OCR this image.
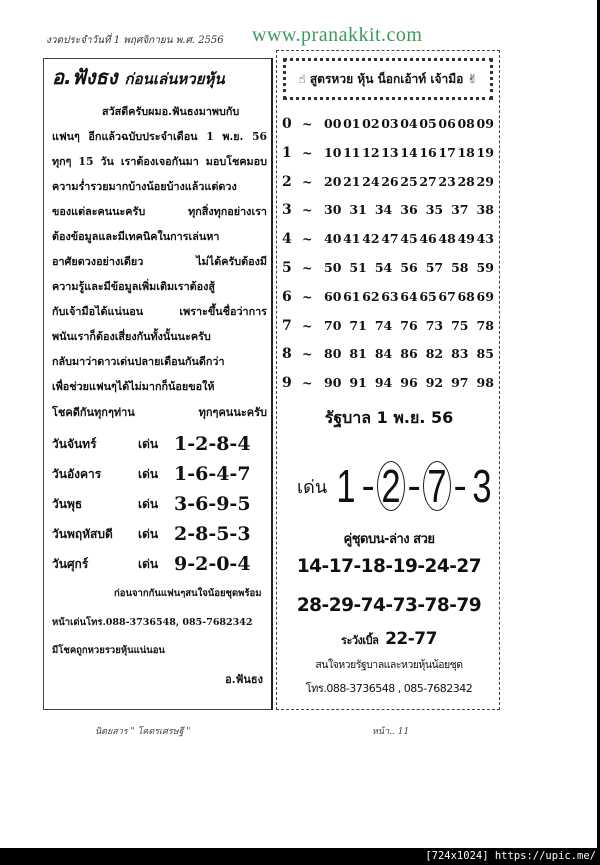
งวดประจำวันที่ 1 พฤศจิกายน พ.ศ. 2556 www.pranakkit.com
อ.ฟังธง ก่อนเล่นหวยหุ้น
สวัสดีครับผมอ.ฟันธงมาพบกับ
แฟนๆ อีกแล้วฉบับประจำเดือน 1 พ.ย. 56
ทุกๆ 15 วัน เราต้องเจอกันมา มอบโชคมอบ
ความร่ำรวยมากบ้างน้อยบ้างแล้วแต่ดวง
ของแต่ละคนนะครับ ทุกสิ่งทุกอย่างเรา
ต้องข้อมูลและมีเทคนิคในการเล่นหา
อาศัยดวงอย่างเดียว ไม่ได้ครับต้องมี
ความรู้และมีข้อมูลเพิ่มเติมเราต้องสู้
กับเจ้ามือได้แน่นอน เพราะขึ้นชื่อว่าการ
พนันเราก็ต้องเสี่ยงกันทั้งนั้นนะครับ
กลับมาว่าดาวเด่นปลายเดือนกันดีกว่า
เพื่อช่วยแฟนๆได้ไม่มากก็น้อยขอให้
โชคดีกันทุกๆท่าน	ทุกๆคนนะครับ
วันจันทร์	เด่น 1-2-8-4
วันอังคาร	เด่น 1-6-4-7
วันพุธ	เด่น 3-6-9-5
วันพฤหัสบดี	เด่น 2-8-5-3
วันศุกร์	เด่น 9-2-0-4
ก่อนจากกันแฟนๆสนใจน้อยชุดพร้อม
หน้าเด่นโทร.088-3736548, 085-7682342
มีโชคถูกหวยรวยหุ้นแน่นอน
อ.ฟันธง
☝ สูตรหวย หุ้น น็อกเอ้าท์ เจ้ามือ ✌
0 ~ 00 01 02 03 04 05 06 08 09
1 ~ 10 11 12 13 14 16 17 18 19
2 ~ 20 21 24 26 25 27 23 28 29
3 ~ 30 31 34 36 35 37 38
4 ~ 40 41 42 47 45 46 48 49 43
5 ~ 50 51 54 56 57 58 59
6 ~ 60 61 62 63 64 65 67 68 69
7 ~ 70 71 74 76 73 75 78
8 ~ 80 81 84 86 82 83 85
9 ~ 90 91 94 96 92 97 98
รัฐบาล 1 พ.ย. 56
เด่น 1 - 2 - 7 - 3
คู่ชุดบน-ล่าง สวย
14-17-18-19-24-27
28-29-74-73-78-79
ระวังเบิ้ล 22-77
สนใจหวยรัฐบาลและหวยหุ้นน้อยชุด
โทร.088-3736548 , 085-7682342
นิตยสาร " โคตรเศรษฐี "	หน้า.. 11
[724x1024] https://upic.me/
